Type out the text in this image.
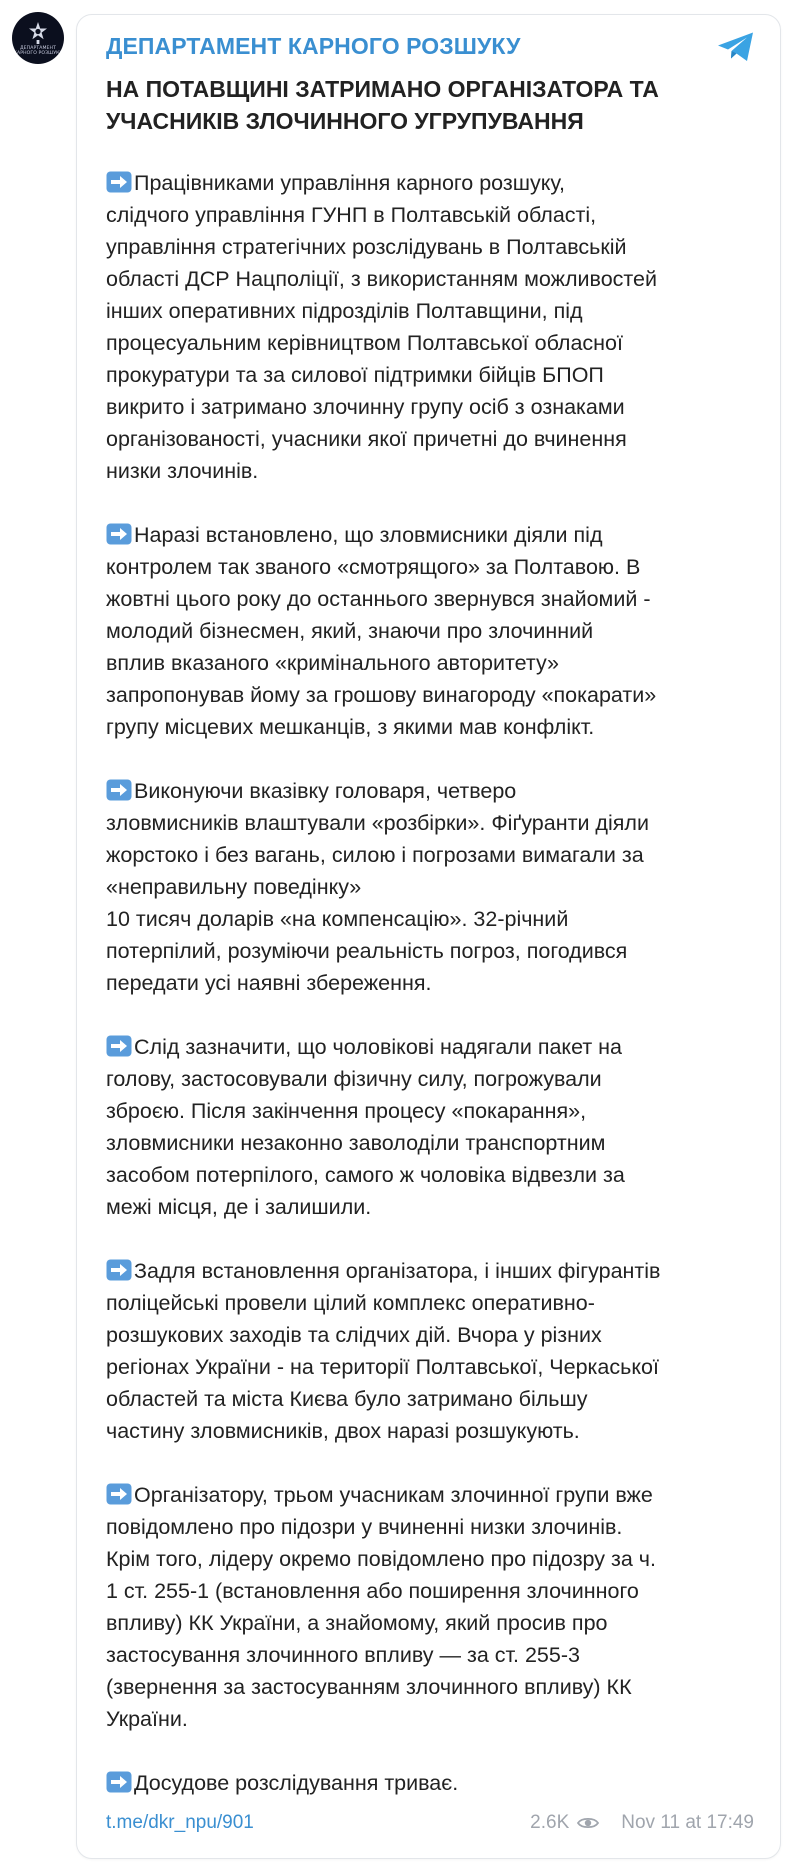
ДЕПАРТАМЕНТ
КАРНОГО РОЗШУКУ ДЕПАРТАМЕНТ КАРНОГО РОЗШУКУ
НА ПОТАВЩИНІ ЗАТРИМАНО ОРГАНІЗАТОРА ТА УЧАСНИКІВ ЗЛОЧИННОГО УГРУПУВАННЯ
Працівниками управління карного розшуку,
слідчого управління ГУНП в Полтавській області,
управління стратегічних розслідувань в Полтавській
області ДСР Нацполіції, з використанням можливостей
інших оперативних підрозділів Полтавщини, під
процесуальним керівництвом Полтавської обласної
прокуратури та за силової підтримки бійців БПОП
викрито і затримано злочинну групу осіб з ознаками
організованості, учасники якої причетні до вчинення
низки злочинів.
Наразі встановлено, що зловмисники діяли під
контролем так званого «смотрящого» за Полтавою. В
жовтні цього року до останнього звернувся знайомий -
молодий бізнесмен, який, знаючи про злочинний
вплив вказаного «кримінального авторитету»
запропонував йому за грошову винагороду «покарати»
групу місцевих мешканців, з якими мав конфлікт.
Виконуючи вказівку головаря, четверо
зловмисників влаштували «розбірки». Фіґуранти діяли
жорстоко і без вагань, силою і погрозами вимагали за
«неправильну поведінку»
10 тисяч доларів «на компенсацію». 32-річний
потерпілий, розуміючи реальність погроз, погодився
передати усі наявні збереження.
Слід зазначити, що чоловікові надягали пакет на
голову, застосовували фізичну силу, погрожували
зброєю. Після закінчення процесу «покарання»,
зловмисники незаконно заволоділи транспортним
засобом потерпілого, самого ж чоловіка відвезли за
межі місця, де і залишили.
Задля встановлення організатора, і інших фігурантів
поліцейські провели цілий комплекс оперативно-
розшукових заходів та слідчих дій. Вчора у різних
регіонах України - на території Полтавської, Черкаської
областей та міста Києва було затримано більшу
частину зловмисників, двох наразі розшукують.
Організатору, трьом учасникам злочинної групи вже
повідомлено про підозри у вчиненні низки злочинів.
Крім того, лідеру окремо повідомлено про підозру за ч.
1 ст. 255-1 (встановлення або поширення злочинного
впливу) КК України, а знайомому, який просив про
застосування злочинного впливу — за ст. 255-3
(звернення за застосуванням злочинного впливу) КК
України.
Досудове розслідування триває.
t.me/dkr_npu/901	2.6K	Nov 11 at 17:49
